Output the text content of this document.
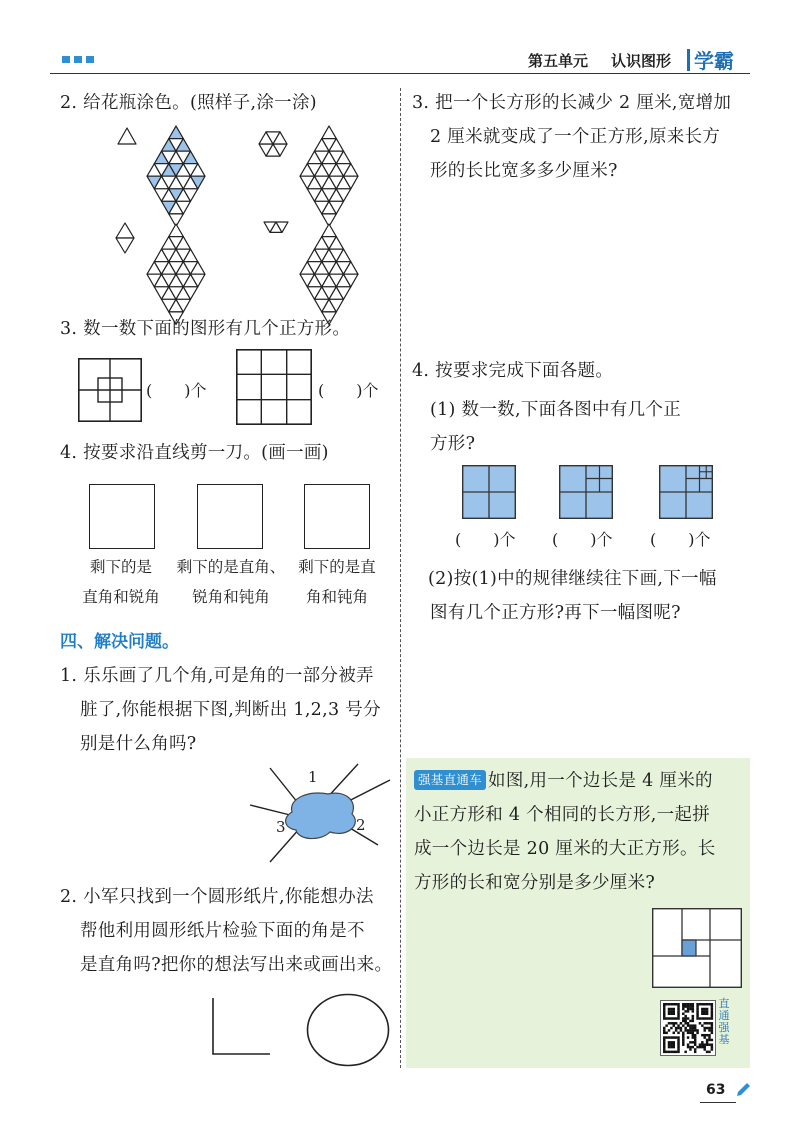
第五单元 认识图形 学霸
2. 给花瓶涂色。(照样子,涂一涂)
3. 数一数下面的图形有几个正方形。
(　　)个	(　　)个
4. 按要求沿直线剪一刀。(画一画)
剩下的是
直角和锐角
剩下的是直角、
锐角和钝角
剩下的是直
角和钝角
四、解决问题。
1. 乐乐画了几个角,可是角的一部分被弄
脏了,你能根据下图,判断出 1,2,3 号分
别是什么角吗?
1
2
3
2. 小军只找到一个圆形纸片,你能想办法
帮他利用圆形纸片检验下面的角是不
是直角吗?把你的想法写出来或画出来。
3. 把一个长方形的长减少 2 厘米,宽增加
2 厘米就变成了一个正方形,原来长方
形的长比宽多多少厘米?
4. 按要求完成下面各题。
(1) 数一数,下面各图中有几个正
方形?
(　　)个 (　　)个 (　　)个
(2)按(1)中的规律继续往下画,下一幅
图有几个正方形?再下一幅图呢?
强基直通车 如图,用一个边长是 4 厘米的
小正方形和 4 个相同的长方形,一起拼
成一个边长是 20 厘米的大正方形。长
方形的长和宽分别是多少厘米?
直通强基
63
